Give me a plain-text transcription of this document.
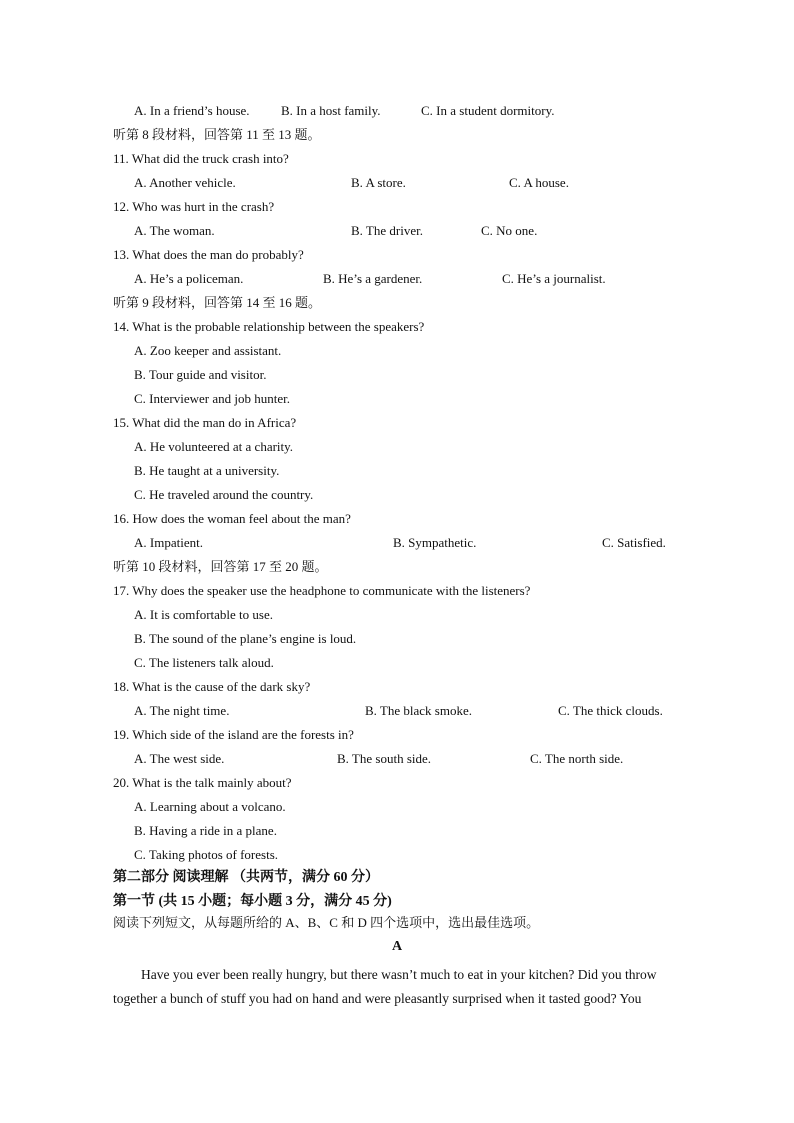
A. In a friend’s house. B. In a host family.	C. In a student dormitory.
听第 8 段材料，回答第 11 至 13 题。
11. What did the truck crash into?
A. Another vehicle.	B. A store.	C. A house.
12. Who was hurt in the crash?
A. The woman.	B. The driver.	C. No one.
13. What does the man do probably?
A. He’s a policeman.	B. He’s a gardener.	C. He’s a journalist.
听第 9 段材料，回答第 14 至 16 题。
14. What is the probable relationship between the speakers?
A. Zoo keeper and assistant.
B. Tour guide and visitor.
C. Interviewer and job hunter.
15. What did the man do in Africa?
A. He volunteered at a charity.
B. He taught at a university.
C. He traveled around the country.
16. How does the woman feel about the man?
A. Impatient.	B. Sympathetic.	C. Satisfied.
听第 10 段材料，回答第 17 至 20 题。
17. Why does the speaker use the headphone to communicate with the listeners?
A. It is comfortable to use.
B. The sound of the plane’s engine is loud.
C. The listeners talk aloud.
18. What is the cause of the dark sky?
A. The night time.	B. The black smoke.	C. The thick clouds.
19. Which side of the island are the forests in?
A. The west side.	B. The south side.	C. The north side.
20. What is the talk mainly about?
A. Learning about a volcano.
B. Having a ride in a plane.
C. Taking photos of forests.
第二部分 阅读理解 （共两节，满分 60 分）
第一节 (共 15 小题；每小题 3 分，满分 45 分)
阅读下列短文，从每题所给的 A、B、C 和 D 四个选项中，选出最佳选项。
A
Have you ever been really hungry, but there wasn’t much to eat in your kitchen? Did you throw
together a bunch of stuff you had on hand and were pleasantly surprised when it tasted good? You
